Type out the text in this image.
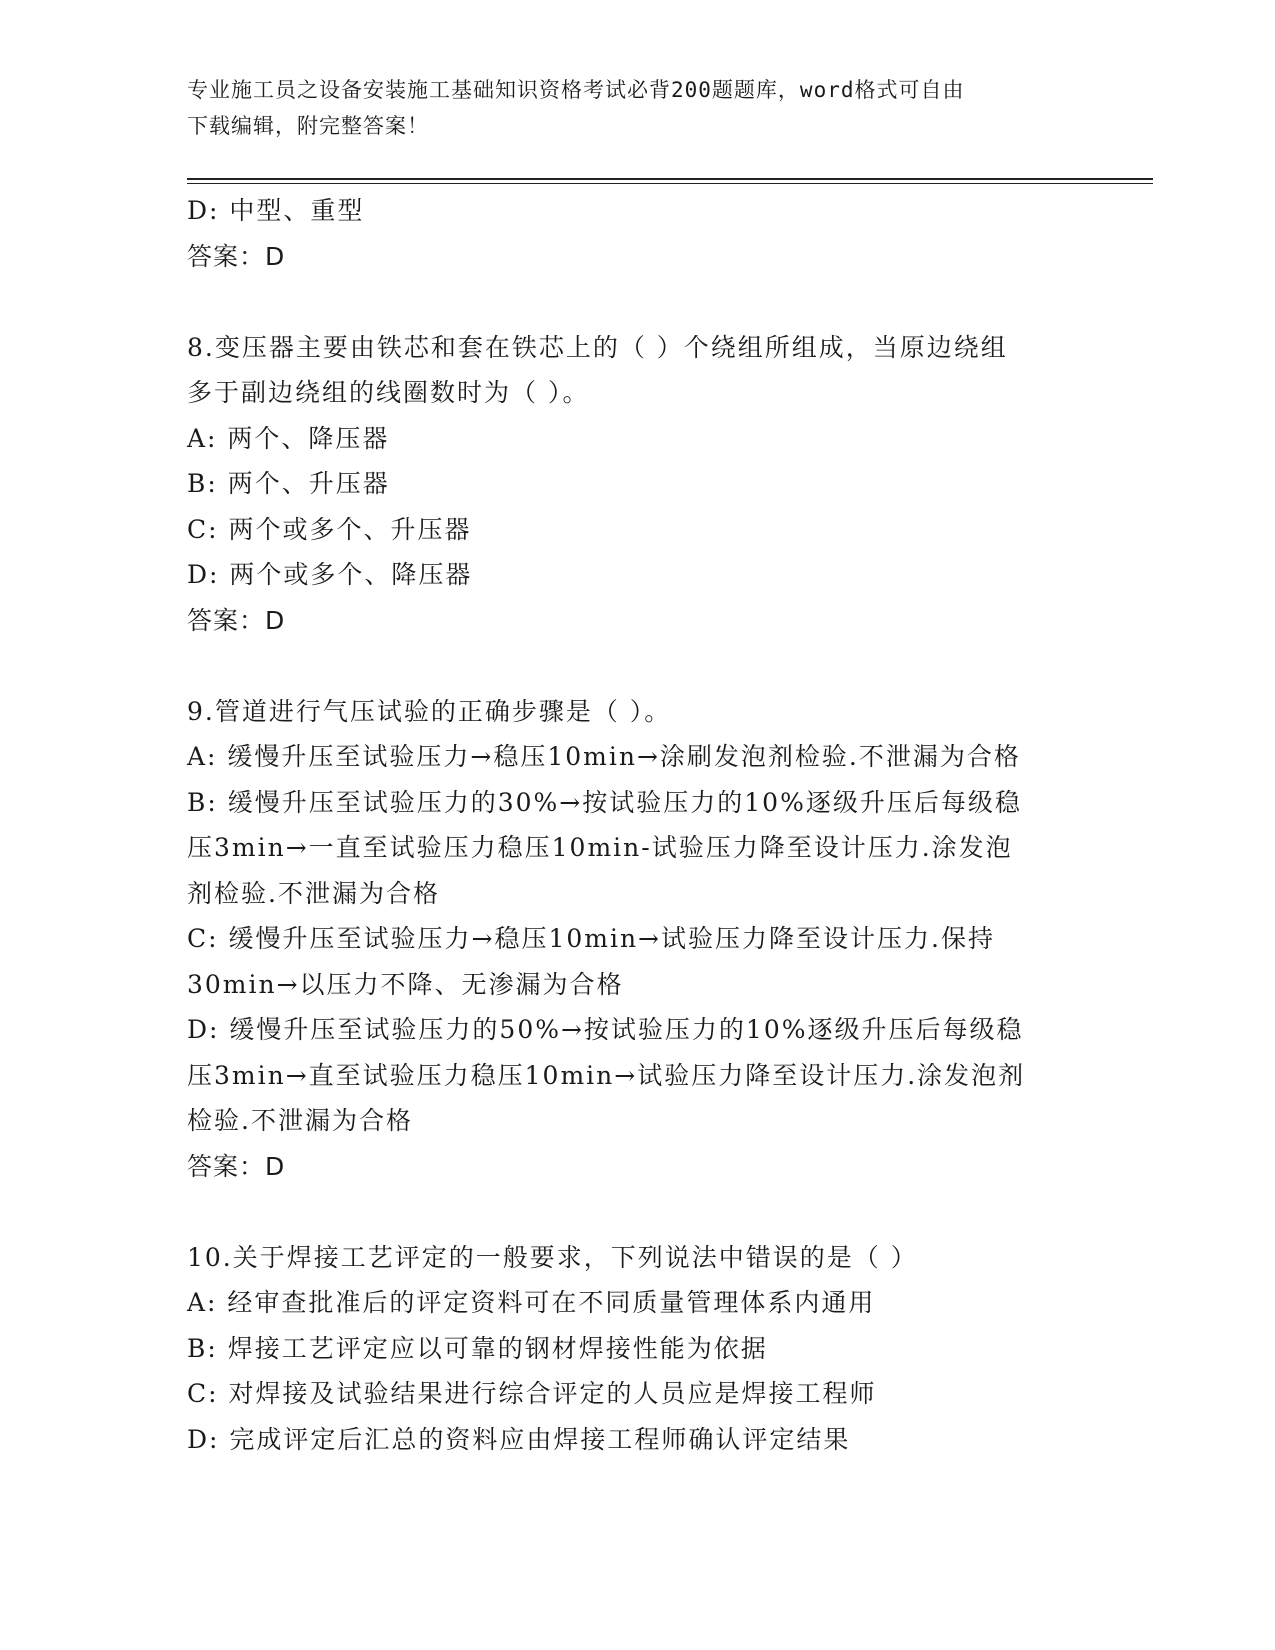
专业施工员之设备安装施工基础知识资格考试必背200题题库，word格式可自由
下载编辑，附完整答案！
D: 中型、重型
答案：D
8.变压器主要由铁芯和套在铁芯上的（ ）个绕组所组成，当原边绕组
多于副边绕组的线圈数时为（ ）。
A: 两个、降压器
B: 两个、升压器
C: 两个或多个、升压器
D: 两个或多个、降压器
答案：D
9.管道进行气压试验的正确步骤是（ ）。
A: 缓慢升压至试验压力→稳压10min→涂刷发泡剂检验.不泄漏为合格
B: 缓慢升压至试验压力的30%→按试验压力的10%逐级升压后每级稳
压3min→一直至试验压力稳压10min-试验压力降至设计压力.涂发泡
剂检验.不泄漏为合格
C: 缓慢升压至试验压力→稳压10min→试验压力降至设计压力.保持
30min→以压力不降、无渗漏为合格
D: 缓慢升压至试验压力的50%→按试验压力的10%逐级升压后每级稳
压3min→直至试验压力稳压10min→试验压力降至设计压力.涂发泡剂
检验.不泄漏为合格
答案：D
10.关于焊接工艺评定的一般要求，下列说法中错误的是（ ）
A: 经审查批准后的评定资料可在不同质量管理体系内通用
B: 焊接工艺评定应以可靠的钢材焊接性能为依据
C: 对焊接及试验结果进行综合评定的人员应是焊接工程师
D: 完成评定后汇总的资料应由焊接工程师确认评定结果
